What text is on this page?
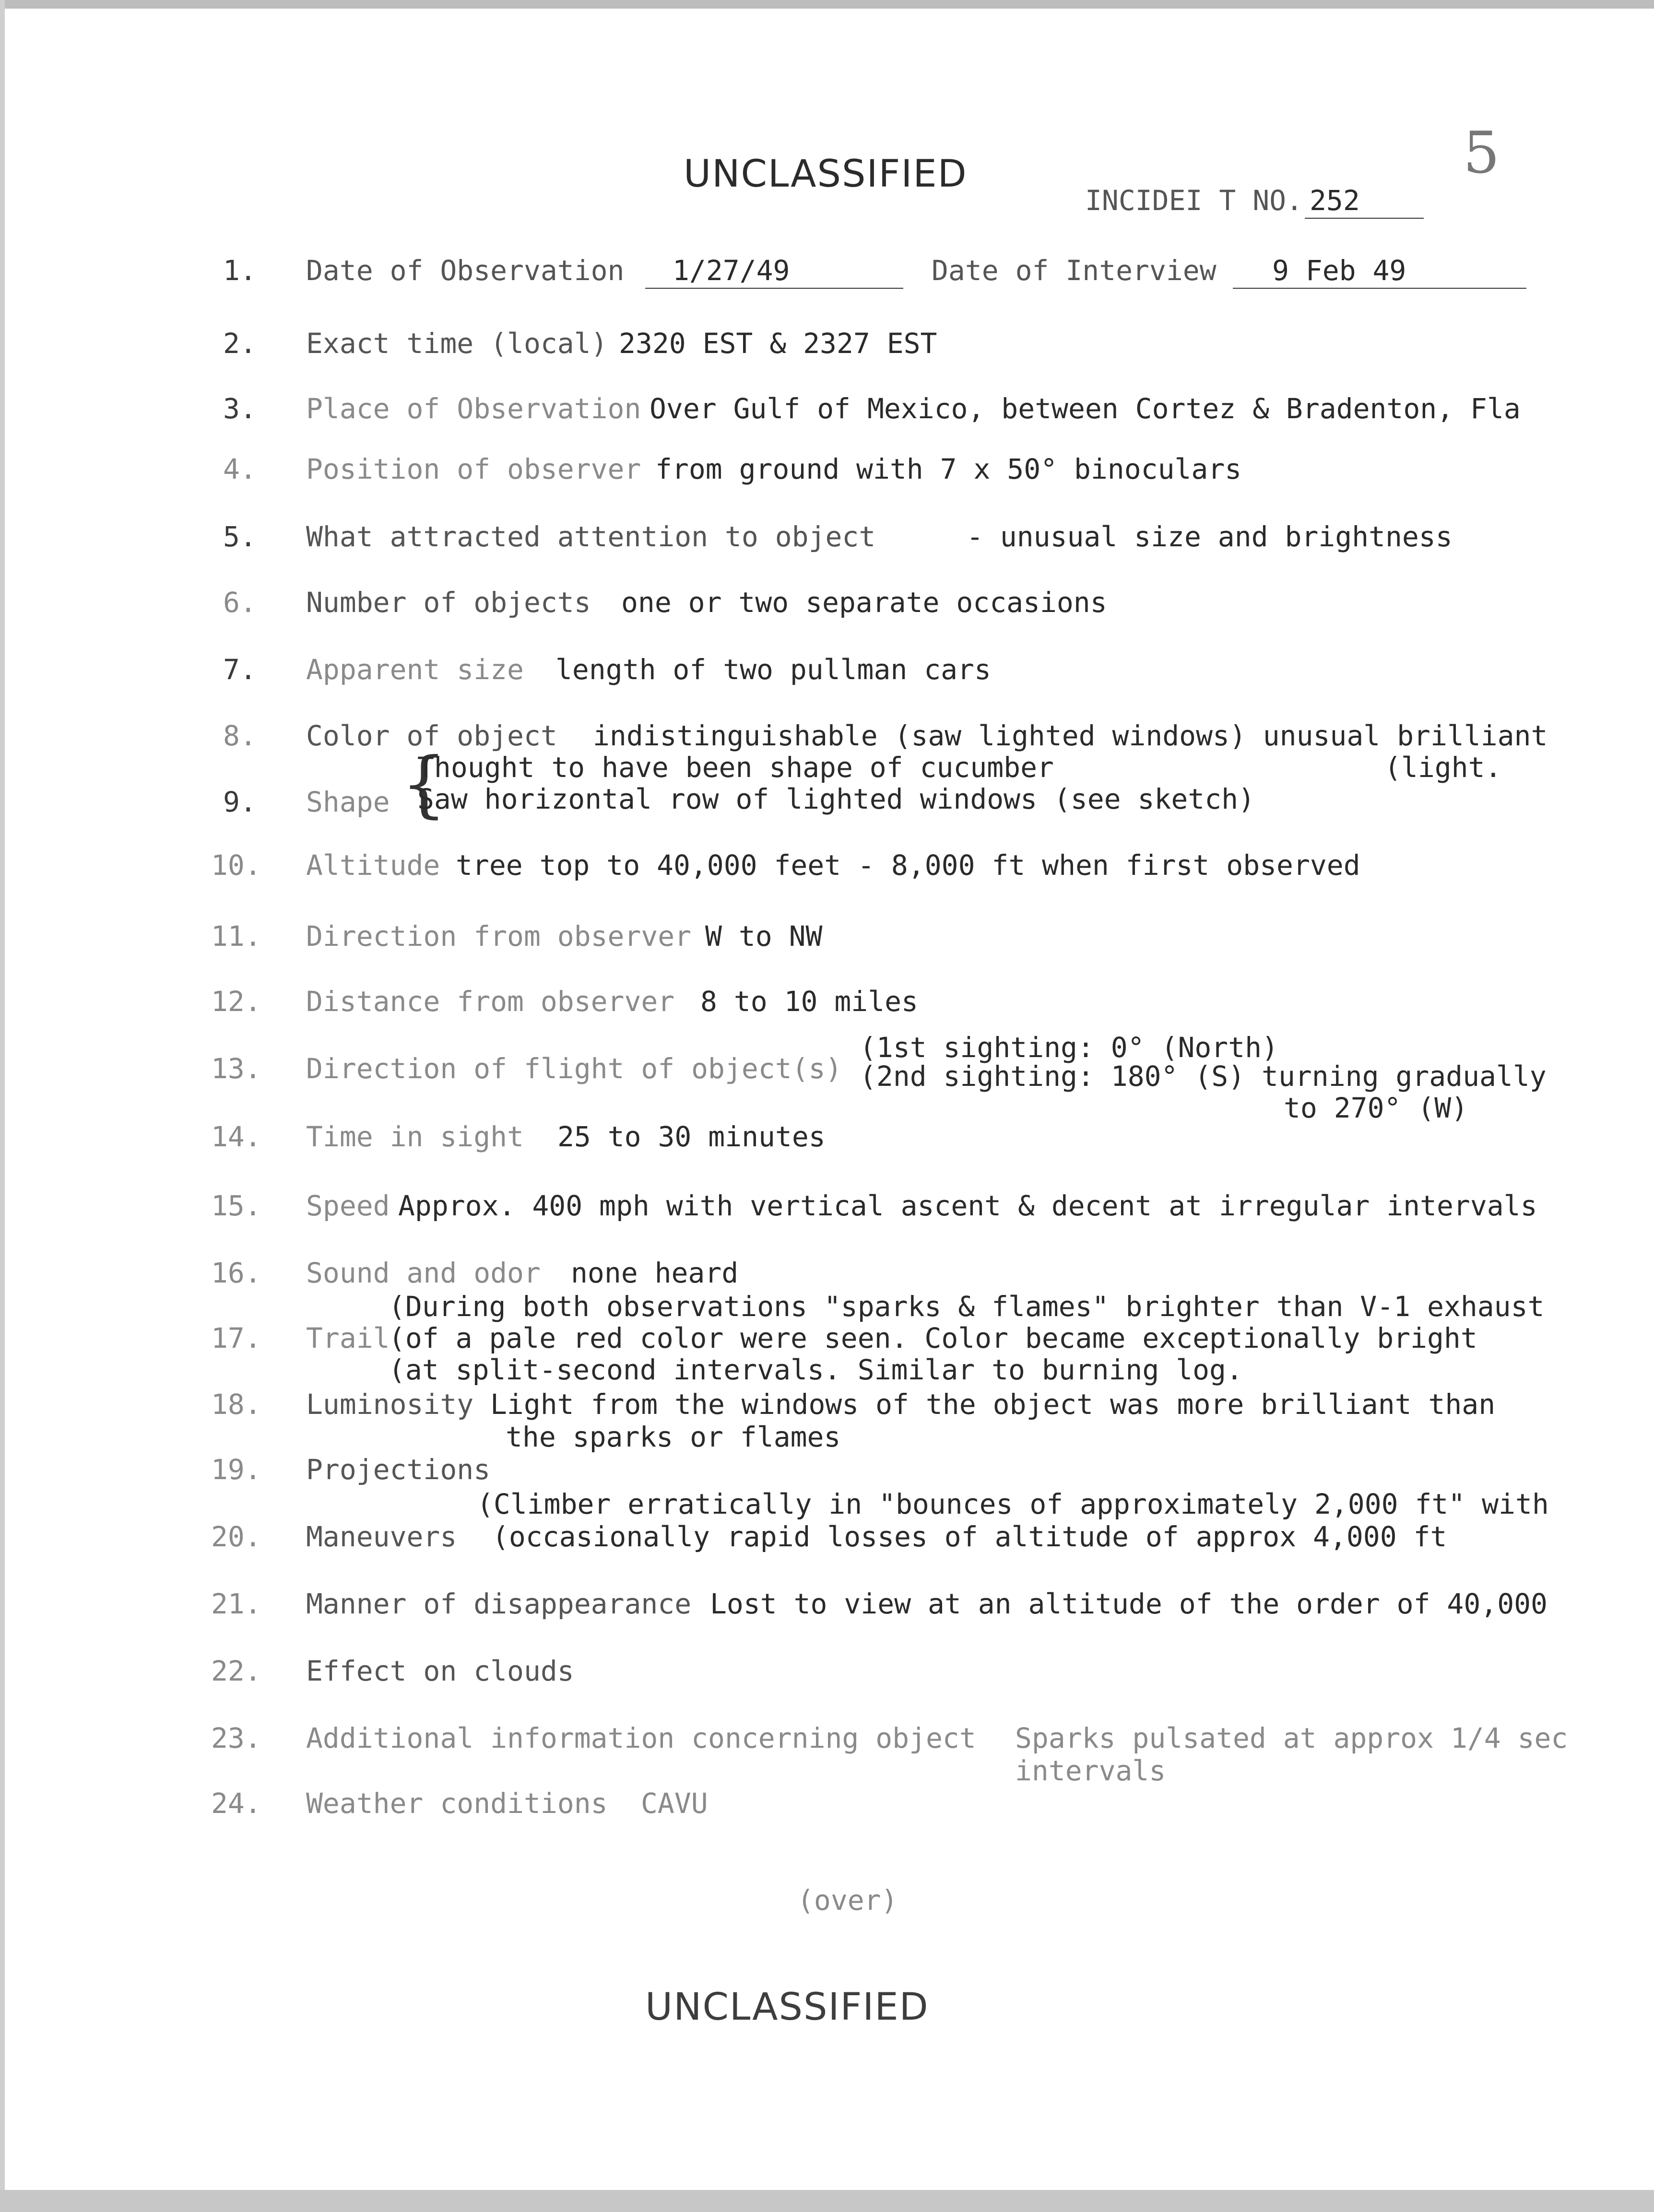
UNCLASSIFIED
INCIDEI T NO. 252
5
1. Date of Observation 1/27/49	Date of Interview 9 Feb 49
2. Exact time (local) 2320 EST & 2327 EST
3. Place of Observation Over Gulf of Mexico, between Cortez & Bradenton, Fla
4. Position of observer from ground with 7 x 50° binoculars
5. What attracted attention to object	- unusual size and brightness
6. Number of objects one or two separate occasions
7. Apparent size length of two pullman cars
8. Color of object indistinguishable (saw lighted windows) unusual brilliant
(light.
{
Thought to have been shape of cucumber
9. Shape Saw horizontal row of lighted windows (see sketch)
10. Altitude tree top to 40,000 feet - 8,000 ft when first observed
11. Direction from observer W to NW
12. Distance from observer 8 to 10 miles
(1st sighting: 0° (North)
13. Direction of flight of object(s) (2nd sighting: 180° (S) turning gradually
to 270° (W)
14. Time in sight 25 to 30 minutes
15. Speed Approx. 400 mph with vertical ascent & decent at irregular intervals
16. Sound and odor none heard
(During both observations "sparks & flames" brighter than V-1 exhaust
17. Trail
(of a pale red color were seen. Color became exceptionally bright
(at split-second intervals. Similar to burning log.
18. Luminosity Light from the windows of the object was more brilliant than
the sparks or flames
19. Projections
(Climber erratically in "bounces of approximately 2,000 ft" with
20. Maneuvers (occasionally rapid losses of altitude of approx 4,000 ft
21. Manner of disappearance Lost to view at an altitude of the order of 40,000
22. Effect on clouds
23. Additional information concerning object Sparks pulsated at approx 1/4 sec
intervals
24. Weather conditions CAVU
(over)
UNCLASSIFIED
